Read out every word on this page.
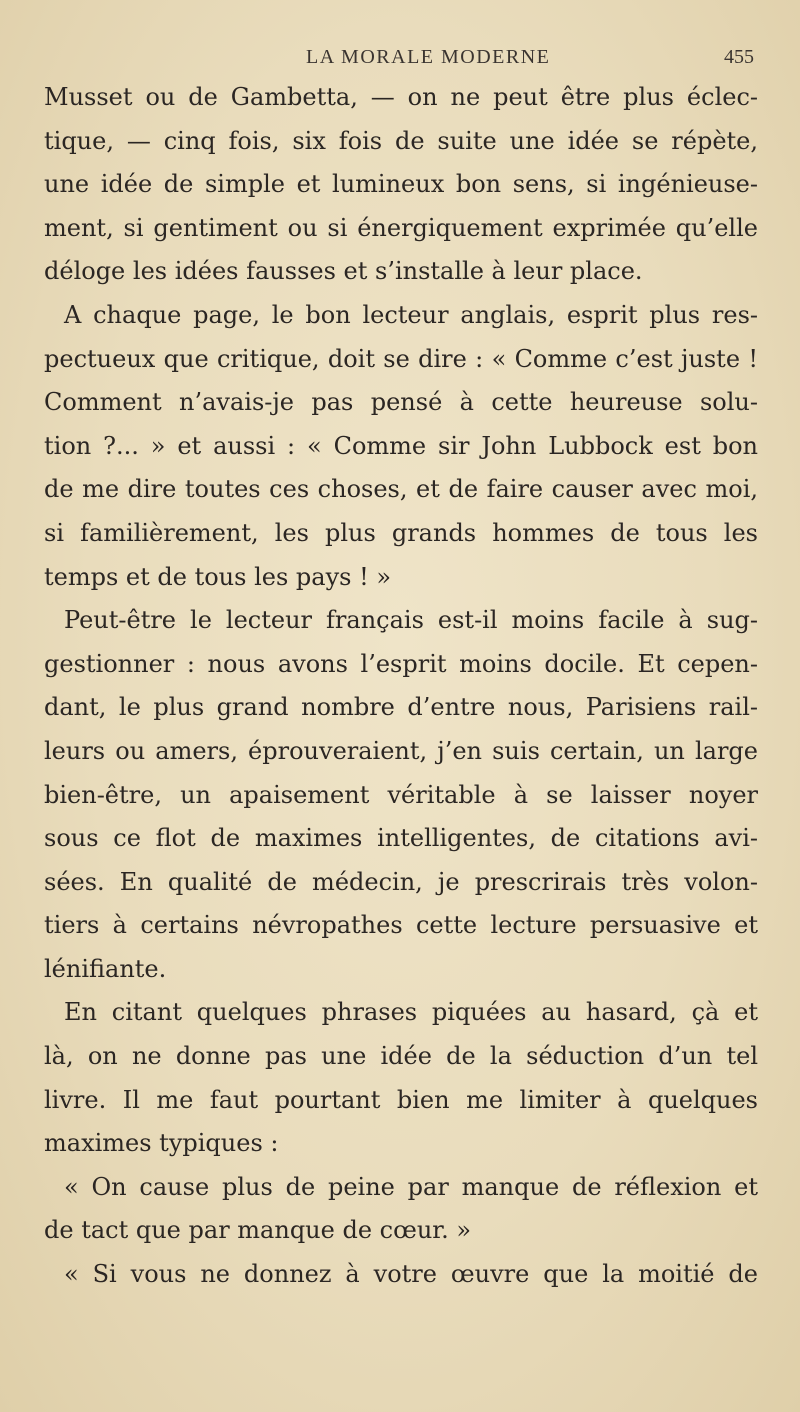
LA MORALE MODERNE	455
Musset ou de Gambetta, — on ne peut être plus éclec-
tique, — cinq fois, six fois de suite une idée se répète,
une idée de simple et lumineux bon sens, si ingénieuse-
ment, si gentiment ou si énergiquement exprimée qu’elle
déloge les idées fausses et s’installe à leur place.
A chaque page, le bon lecteur anglais, esprit plus res-
pectueux que critique, doit se dire : « Comme c’est juste !
Comment n’avais-je pas pensé à cette heureuse solu-
tion ?... » et aussi : « Comme sir John Lubbock est bon
de me dire toutes ces choses, et de faire causer avec moi,
si familièrement, les plus grands hommes de tous les
temps et de tous les pays ! »
Peut-être le lecteur français est-il moins facile à sug-
gestionner : nous avons l’esprit moins docile. Et cepen-
dant, le plus grand nombre d’entre nous, Parisiens rail-
leurs ou amers, éprouveraient, j’en suis certain, un large
bien-être, un apaisement véritable à se laisser noyer
sous ce flot de maximes intelligentes, de citations avi-
sées. En qualité de médecin, je prescrirais très volon-
tiers à certains névropathes cette lecture persuasive et
lénifiante.
En citant quelques phrases piquées au hasard, çà et
là, on ne donne pas une idée de la séduction d’un tel
livre. Il me faut pourtant bien me limiter à quelques
maximes typiques :
« On cause plus de peine par manque de réflexion et
de tact que par manque de cœur. »
« Si vous ne donnez à votre œuvre que la moitié de
